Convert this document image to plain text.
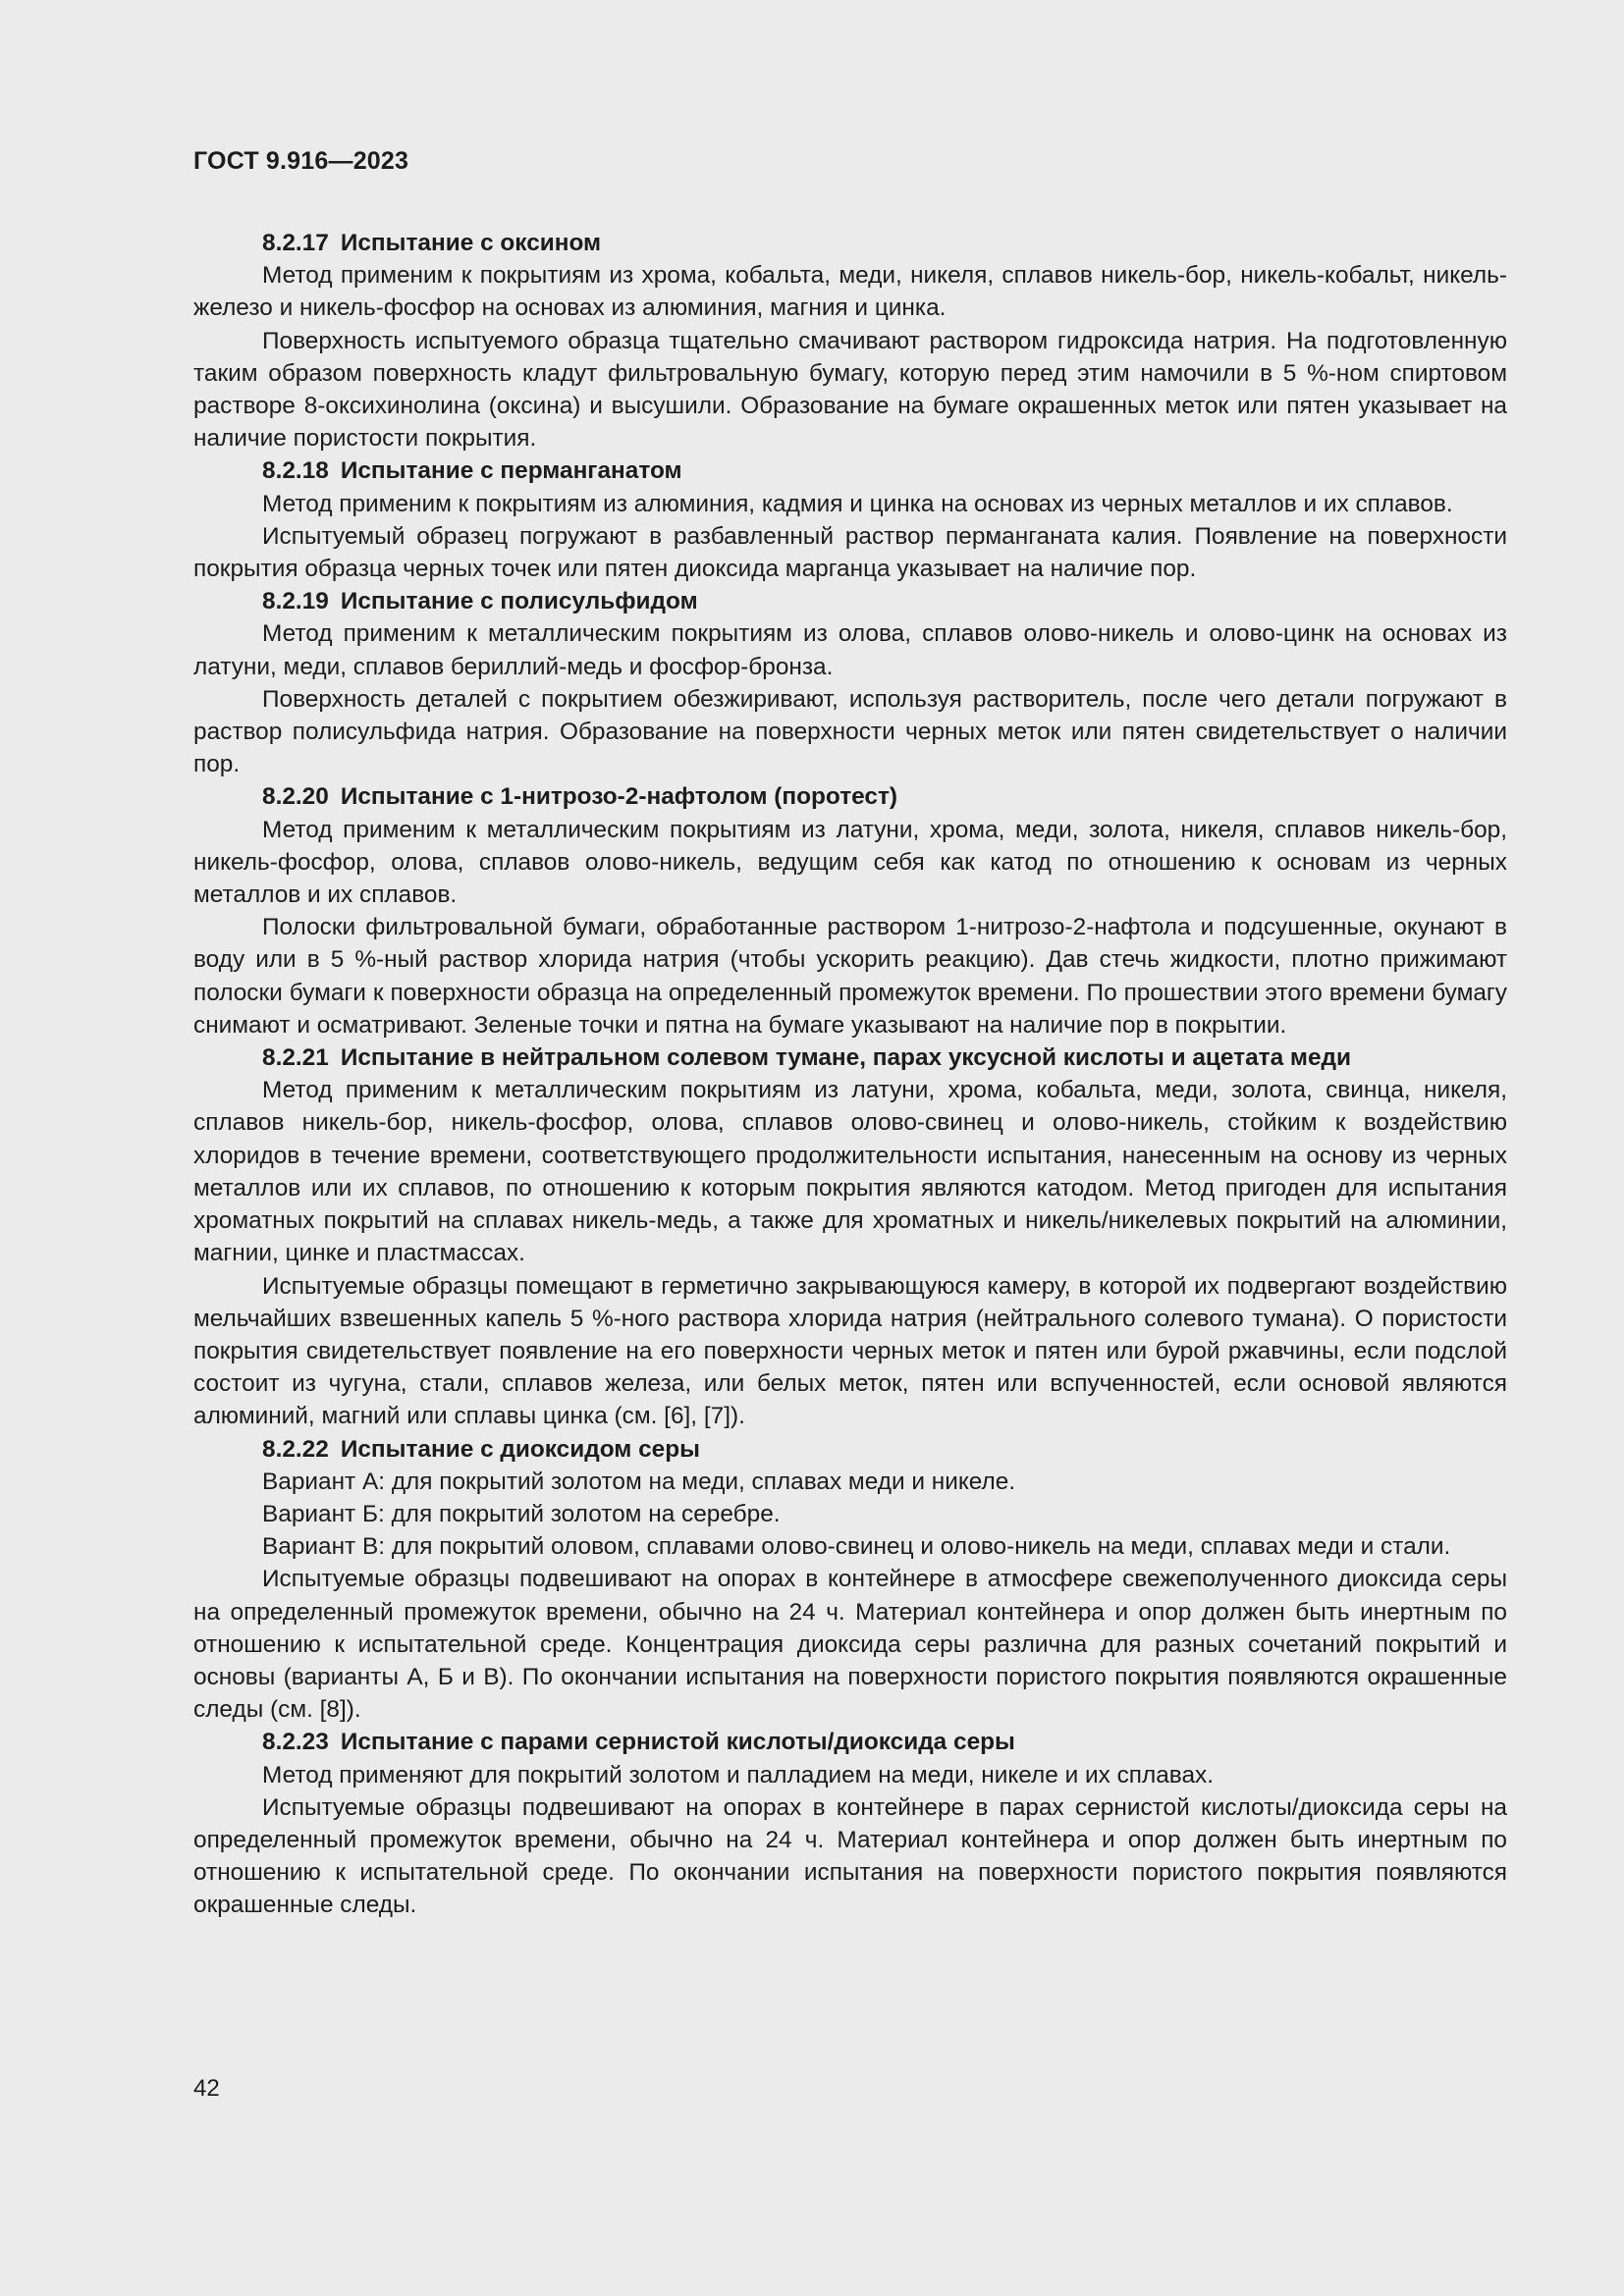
ГОСТ 9.916—2023

8.2.17 Испытание с оксином

Метод применим к покрытиям из хрома, кобальта, меди, никеля, сплавов никель-бор, никель-кобальт, никель-железо и никель-фосфор на основах из алюминия, магния и цинка.

Поверхность испытуемого образца тщательно смачивают раствором гидроксида натрия. На подготовленную таким образом поверхность кладут фильтровальную бумагу, которую перед этим намочили в 5 %-ном спиртовом растворе 8-оксихинолина (оксина) и высушили. Образование на бумаге окрашенных меток или пятен указывает на наличие пористости покрытия.

8.2.18 Испытание с перманганатом

Метод применим к покрытиям из алюминия, кадмия и цинка на основах из черных металлов и их сплавов.

Испытуемый образец погружают в разбавленный раствор перманганата калия. Появление на поверхности покрытия образца черных точек или пятен диоксида марганца указывает на наличие пор.

8.2.19 Испытание с полисульфидом

Метод применим к металлическим покрытиям из олова, сплавов олово-никель и олово-цинк на основах из латуни, меди, сплавов бериллий-медь и фосфор-бронза.

Поверхность деталей с покрытием обезжиривают, используя растворитель, после чего детали погружают в раствор полисульфида натрия. Образование на поверхности черных меток или пятен свидетельствует о наличии пор.

8.2.20 Испытание с 1-нитрозо-2-нафтолом (поротест)

Метод применим к металлическим покрытиям из латуни, хрома, меди, золота, никеля, сплавов никель-бор, никель-фосфор, олова, сплавов олово-никель, ведущим себя как катод по отношению к основам из черных металлов и их сплавов.

Полоски фильтровальной бумаги, обработанные раствором 1-нитрозо-2-нафтола и подсушенные, окунают в воду или в 5 %-ный раствор хлорида натрия (чтобы ускорить реакцию). Дав стечь жидкости, плотно прижимают полоски бумаги к поверхности образца на определенный промежуток времени. По прошествии этого времени бумагу снимают и осматривают. Зеленые точки и пятна на бумаге указывают на наличие пор в покрытии.

8.2.21 Испытание в нейтральном солевом тумане, парах уксусной кислоты и ацетата меди

Метод применим к металлическим покрытиям из латуни, хрома, кобальта, меди, золота, свинца, никеля, сплавов никель-бор, никель-фосфор, олова, сплавов олово-свинец и олово-никель, стойким к воздействию хлоридов в течение времени, соответствующего продолжительности испытания, нанесенным на основу из черных металлов или их сплавов, по отношению к которым покрытия являются катодом. Метод пригоден для испытания хроматных покрытий на сплавах никель-медь, а также для хроматных и никель/никелевых покрытий на алюминии, магнии, цинке и пластмассах.

Испытуемые образцы помещают в герметично закрывающуюся камеру, в которой их подвергают воздействию мельчайших взвешенных капель 5 %-ного раствора хлорида натрия (нейтрального солевого тумана). О пористости покрытия свидетельствует появление на его поверхности черных меток и пятен или бурой ржавчины, если подслой состоит из чугуна, стали, сплавов железа, или белых меток, пятен или вспученностей, если основой являются алюминий, магний или сплавы цинка (см. [6], [7]).

8.2.22 Испытание с диоксидом серы

Вариант А: для покрытий золотом на меди, сплавах меди и никеле.

Вариант Б: для покрытий золотом на серебре.

Вариант В: для покрытий оловом, сплавами олово-свинец и олово-никель на меди, сплавах меди и стали.

Испытуемые образцы подвешивают на опорах в контейнере в атмосфере свежеполученного диоксида серы на определенный промежуток времени, обычно на 24 ч. Материал контейнера и опор должен быть инертным по отношению к испытательной среде. Концентрация диоксида серы различна для разных сочетаний покрытий и основы (варианты А, Б и В). По окончании испытания на поверхности пористого покрытия появляются окрашенные следы (см. [8]).

8.2.23 Испытание с парами сернистой кислоты/диоксида серы

Метод применяют для покрытий золотом и палладием на меди, никеле и их сплавах.

Испытуемые образцы подвешивают на опорах в контейнере в парах сернистой кислоты/диоксида серы на определенный промежуток времени, обычно на 24 ч. Материал контейнера и опор должен быть инертным по отношению к испытательной среде. По окончании испытания на поверхности пористого покрытия появляются окрашенные следы.

42
